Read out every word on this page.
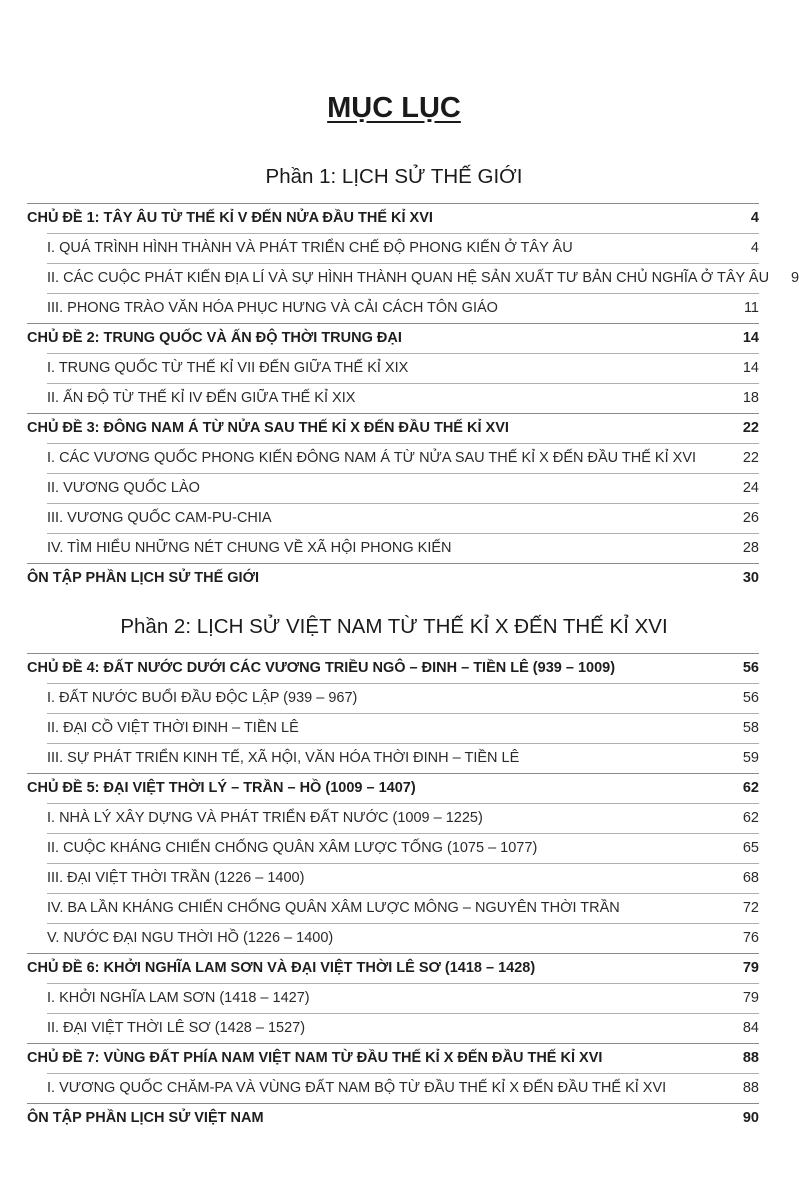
MỤC LỤC
Phần 1: LỊCH SỬ THẾ GIỚI
CHỦ ĐỀ 1: TÂY ÂU TỪ THẾ KỈ V ĐẾN NỬA ĐẦU THẾ KỈ XVI	4
I. QUÁ TRÌNH HÌNH THÀNH VÀ PHÁT TRIỂN CHẾ ĐỘ PHONG KIẾN Ở TÂY ÂU	4
II. CÁC CUỘC PHÁT KIẾN ĐỊA LÍ VÀ SỰ HÌNH THÀNH QUAN HỆ SẢN XUẤT TƯ BẢN CHỦ NGHĨA Ở TÂY ÂU	9
III. PHONG TRÀO VĂN HÓA PHỤC HƯNG VÀ CẢI CÁCH TÔN GIÁO	11
CHỦ ĐỀ 2: TRUNG QUỐC VÀ ẤN ĐỘ THỜI TRUNG ĐẠI	14
I. TRUNG QUỐC TỪ THẾ KỈ VII ĐẾN GIỮA THẾ KỈ XIX	14
II. ẤN ĐỘ TỪ THẾ KỈ IV ĐẾN GIỮA THẾ KỈ XIX	18
CHỦ ĐỀ 3: ĐÔNG NAM Á TỪ NỬA SAU THẾ KỈ X ĐẾN ĐẦU THẾ KỈ XVI	22
I. CÁC VƯƠNG QUỐC PHONG KIẾN ĐÔNG NAM Á TỪ NỬA SAU THẾ KỈ X ĐẾN ĐẦU THẾ KỈ XVI	22
II. VƯƠNG QUỐC LÀO	24
III. VƯƠNG QUỐC CAM-PU-CHIA	26
IV. TÌM HIỂU NHỮNG NÉT CHUNG VỀ XÃ HỘI PHONG KIẾN	28
ÔN TẬP PHẦN LỊCH SỬ THẾ GIỚI	30
Phần 2: LỊCH SỬ VIỆT NAM TỪ THẾ KỈ X ĐẾN THẾ KỈ XVI
CHỦ ĐỀ 4: ĐẤT NƯỚC DƯỚI CÁC VƯƠNG TRIỀU NGÔ – ĐINH – TIỀN LÊ (939 – 1009)	56
I. ĐẤT NƯỚC BUỔI ĐẦU ĐỘC LẬP (939 – 967)	56
II. ĐẠI CỒ VIỆT THỜI ĐINH – TIỀN LÊ	58
III. SỰ PHÁT TRIỂN KINH TẾ, XÃ HỘI, VĂN HÓA THỜI ĐINH – TIỀN LÊ	59
CHỦ ĐỀ 5: ĐẠI VIỆT THỜI LÝ – TRẦN – HỒ (1009 – 1407)	62
I. NHÀ LÝ XÂY DỰNG VÀ PHÁT TRIỂN ĐẤT NƯỚC (1009 – 1225)	62
II. CUỘC KHÁNG CHIẾN CHỐNG QUÂN XÂM LƯỢC TỐNG (1075 – 1077)	65
III. ĐẠI VIỆT THỜI TRẦN (1226 – 1400)	68
IV. BA LẦN KHÁNG CHIẾN CHỐNG QUÂN XÂM LƯỢC MÔNG – NGUYÊN THỜI TRẦN	72
V. NƯỚC ĐẠI NGU THỜI HỒ (1226 – 1400)	76
CHỦ ĐỀ 6: KHỞI NGHĨA LAM SƠN VÀ ĐẠI VIỆT THỜI LÊ SƠ (1418 – 1428)	79
I. KHỞI NGHĨA LAM SƠN (1418 – 1427)	79
II. ĐẠI VIỆT THỜI LÊ SƠ (1428 – 1527)	84
CHỦ ĐỀ 7: VÙNG ĐẤT PHÍA NAM VIỆT NAM TỪ ĐẦU THẾ KỈ X ĐẾN ĐẦU THẾ KỈ XVI	88
I. VƯƠNG QUỐC CHĂM-PA VÀ VÙNG ĐẤT NAM BỘ TỪ ĐẦU THẾ KỈ X ĐẾN ĐẦU THẾ KỈ XVI	88
ÔN TẬP PHẦN LỊCH SỬ VIỆT NAM	90
